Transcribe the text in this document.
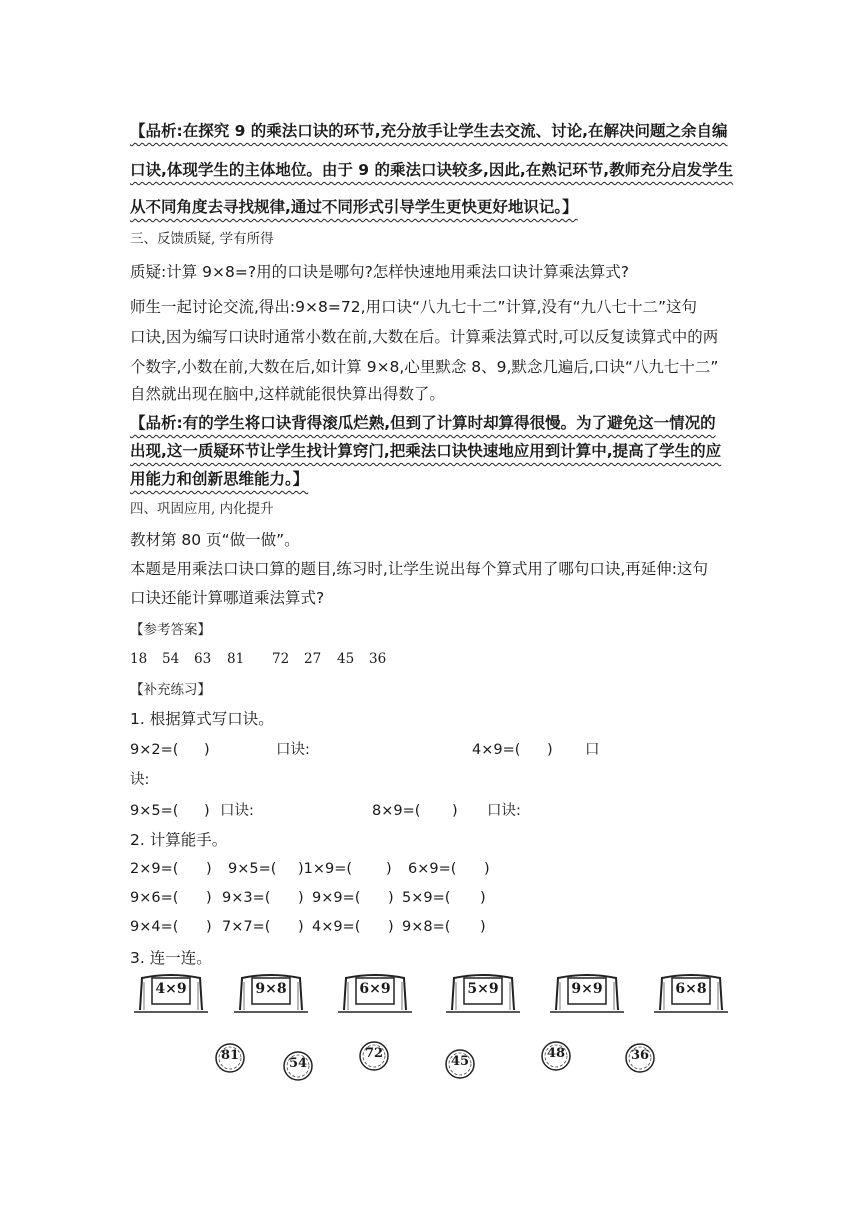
【品析:在探究 9 的乘法口诀的环节,充分放手让学生去交流、讨论,在解决问题之余自编
口诀,体现学生的主体地位。由于 9 的乘法口诀较多,因此,在熟记环节,教师充分启发学生
从不同角度去寻找规律,通过不同形式引导学生更快更好地识记。】
三、反馈质疑, 学有所得
质疑:计算 9×8=?用的口诀是哪句?怎样快速地用乘法口诀计算乘法算式?
师生一起讨论交流,得出:9×8=72,用口诀“八九七十二”计算,没有“九八七十二”这句
口诀,因为编写口诀时通常小数在前,大数在后。计算乘法算式时,可以反复读算式中的两
个数字,小数在前,大数在后,如计算 9×8,心里默念 8、9,默念几遍后,口诀“八九七十二”
自然就出现在脑中,这样就能很快算出得数了。
【品析:有的学生将口诀背得滚瓜烂熟,但到了计算时却算得很慢。为了避免这一情况的
出现,这一质疑环节让学生找计算窍门,把乘法口诀快速地应用到计算中,提高了学生的应
用能力和创新思维能力。】
四、巩固应用, 内化提升
教材第 80 页“做一做”。
本题是用乘法口诀口算的题目,练习时,让学生说出每个算式用了哪句口诀,再延伸:这句
口诀还能计算哪道乘法算式?
【参考答案】
18 54 63 81 72 27 45 36
【补充练习】
1. 根据算式写口诀。
9×2=( )	口诀:	4×9=( ) 口
诀:
9×5=( ) 口诀:	8×9=( ) 口诀:
2. 计算能手。
2×9=( ) 9×5=( )1×9=( ) 6×9=( )
9×6=( ) 9×3=( ) 9×9=( ) 5×9=( )
9×4=( ) 7×7=( ) 4×9=( ) 9×8=( )
3. 连一连。
4×9	9×8	6×9	5×9	9×9	6×8
81
54
72
45
48	36
